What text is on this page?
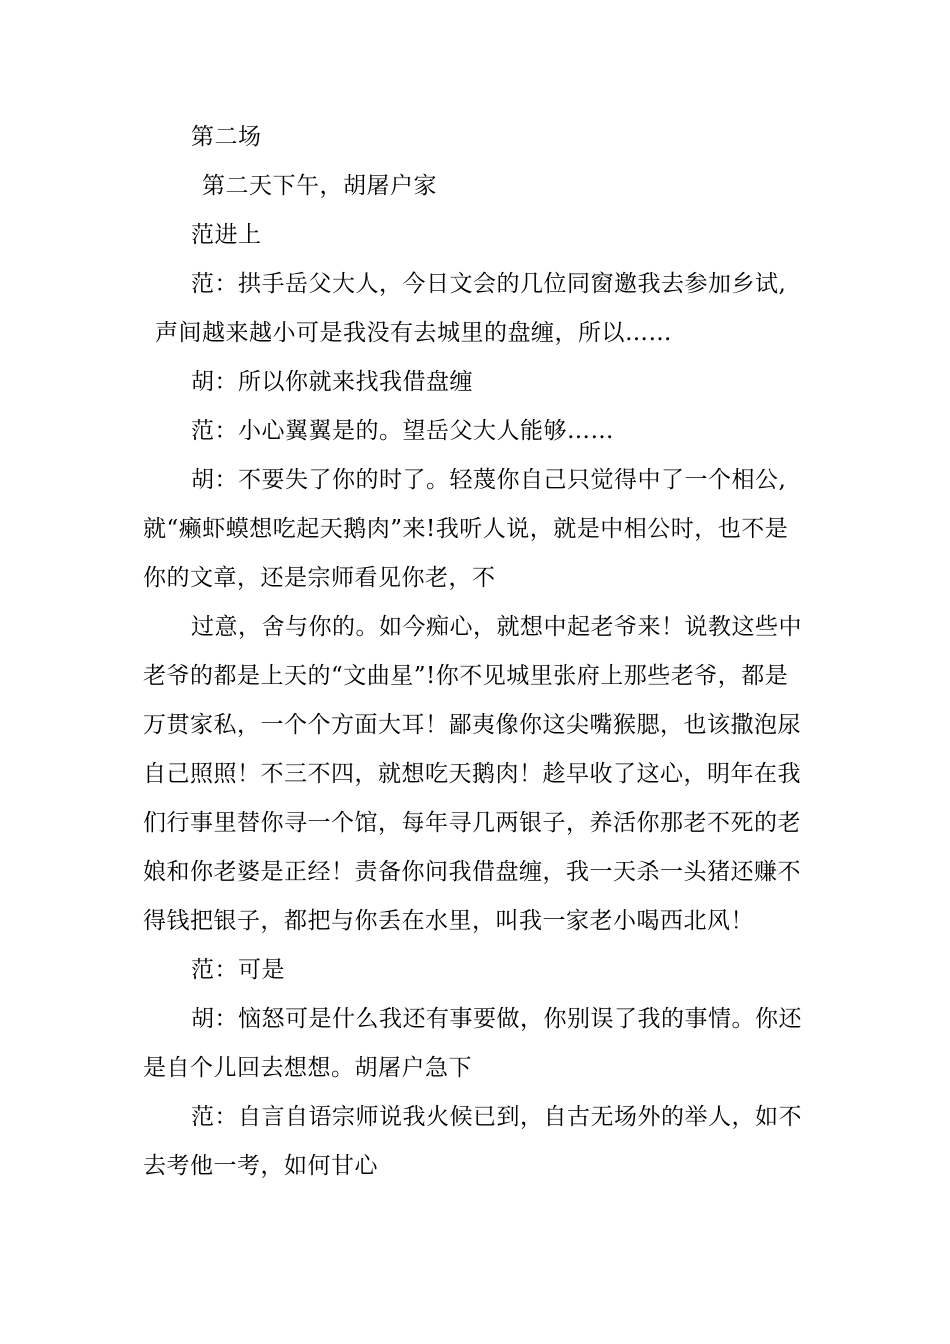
第二场
第二天下午，胡屠户家
范进上
范：拱手岳父大人，今日文会的几位同窗邀我去参加乡试,
声间越来越小可是我没有去城里的盘缠，所以……
胡：所以你就来找我借盘缠
范：小心翼翼是的。望岳父大人能够……
胡：不要失了你的时了。轻蔑你自己只觉得中了一个相公,
就“癞虾蟆想吃起天鹅肉”来!我听人说，就是中相公时，也不是
你的文章，还是宗师看见你老，不
过意，舍与你的。如今痴心，就想中起老爷来！说教这些中
老爷的都是上天的“文曲星”!你不见城里张府上那些老爷，都是
万贯家私，一个个方面大耳！鄙夷像你这尖嘴猴腮，也该撒泡尿
自己照照！不三不四，就想吃天鹅肉！趁早收了这心，明年在我
们行事里替你寻一个馆，每年寻几两银子，养活你那老不死的老
娘和你老婆是正经！责备你问我借盘缠，我一天杀一头猪还赚不
得钱把银子，都把与你丢在水里，叫我一家老小喝西北风！
范：可是
胡：恼怒可是什么我还有事要做，你别误了我的事情。你还
是自个儿回去想想。胡屠户急下
范：自言自语宗师说我火候已到，自古无场外的举人，如不
去考他一考，如何甘心
